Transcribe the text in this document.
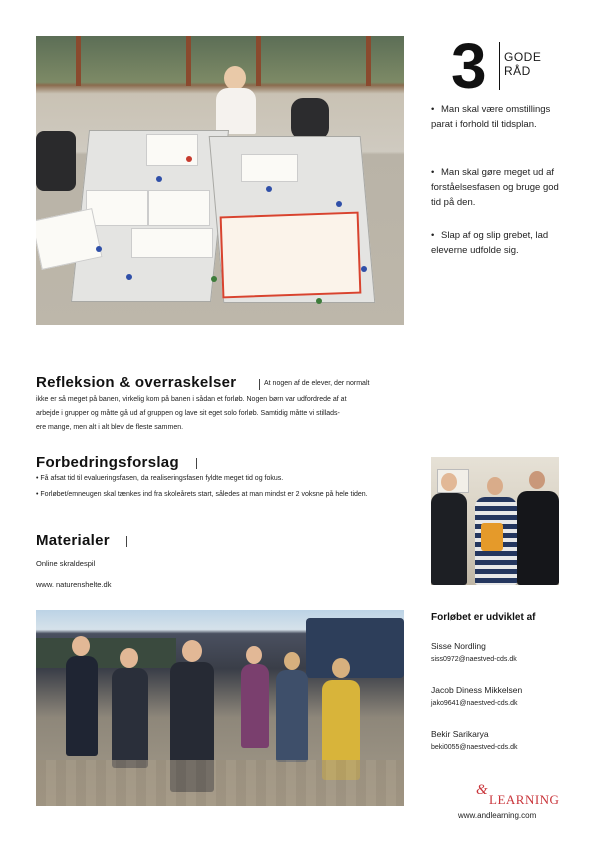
3 GODE
RÅD
• Man skal være omstillings parat i forhold til tidsplan.
• Man skal gøre meget ud af forståelsesfasen og bruge god tid på den.
• Slap af og slip grebet, lad eleverne udfolde sig.
Refleksion & overraskelser	At nogen af de elever, der normalt
ikke er så meget på banen, virkelig kom på banen i sådan et forløb. Nogen børn var udfordrede af at
arbejde i grupper og måtte gå ud af gruppen og lave sit eget solo forløb. Samtidig måtte vi stillads-
ere mange, men alt i alt blev de fleste sammen.
Forbedringsforslag
• Få afsat tid til evalueringsfasen, da realiseringsfasen fyldte meget tid og fokus.
• Forløbet/emneugen skal tænkes ind fra skoleårets start, således at man mindst er 2 voksne på hele tiden.
Materialer
Online skraldespil
www. naturenshelte.dk
Forløbet er udviklet af
Sisse Nordling
siss0972@naestved-cds.dk
Jacob Diness Mikkelsen
jako9641@naestved-cds.dk
Bekir Sarikarya
beki0055@naestved-cds.dk
&
LEARNING
www.andlearning.com
